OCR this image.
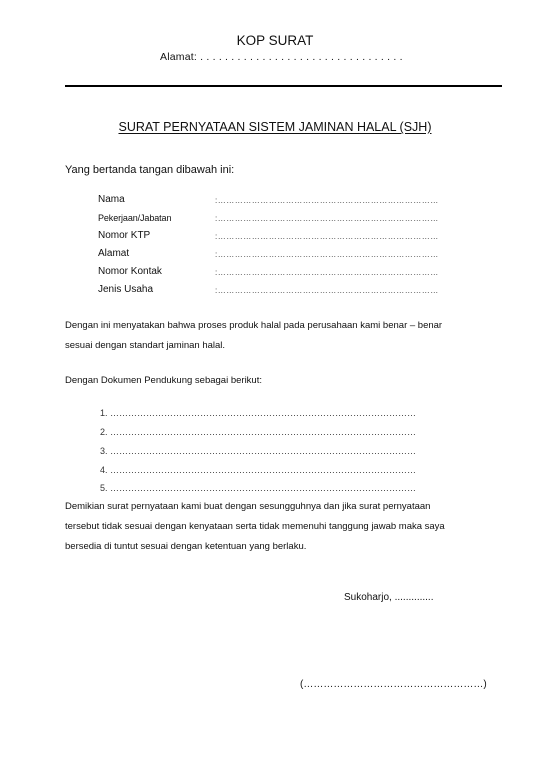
KOP SURAT
Alamat: . . . . . . . . . . . . . . . . . . . . . . . . . . . . . . . . .
SURAT PERNYATAAN SISTEM JAMINAN HALAL (SJH)
Yang bertanda tangan dibawah ini:
Nama	:……………………………………………………………………
Pekerjaan/Jabatan	:……………………………………………………………………
Nomor KTP	:……………………………………………………………………
Alamat	:……………………………………………………………………
Nomor Kontak	:……………………………………………………………………
Jenis Usaha	:……………………………………………………………………
Dengan ini menyatakan bahwa proses produk halal pada perusahaan kami benar – benar
sesuai dengan standart jaminan halal.
Dengan Dokumen Pendukung sebagai berikut:
1. …………………………………………………………………………………………
2. …………………………………………………………………………………………
3. …………………………………………………………………………………………
4. …………………………………………………………………………………………
5. …………………………………………………………………………………………
Demikian surat pernyataan kami buat dengan sesungguhnya dan jika surat pernyataan
tersebut tidak sesuai dengan kenyataan serta tidak memenuhi tanggung jawab maka saya
bersedia di tuntut sesuai dengan ketentuan yang berlaku.
Sukoharjo, ..............
(………………………………………………)
